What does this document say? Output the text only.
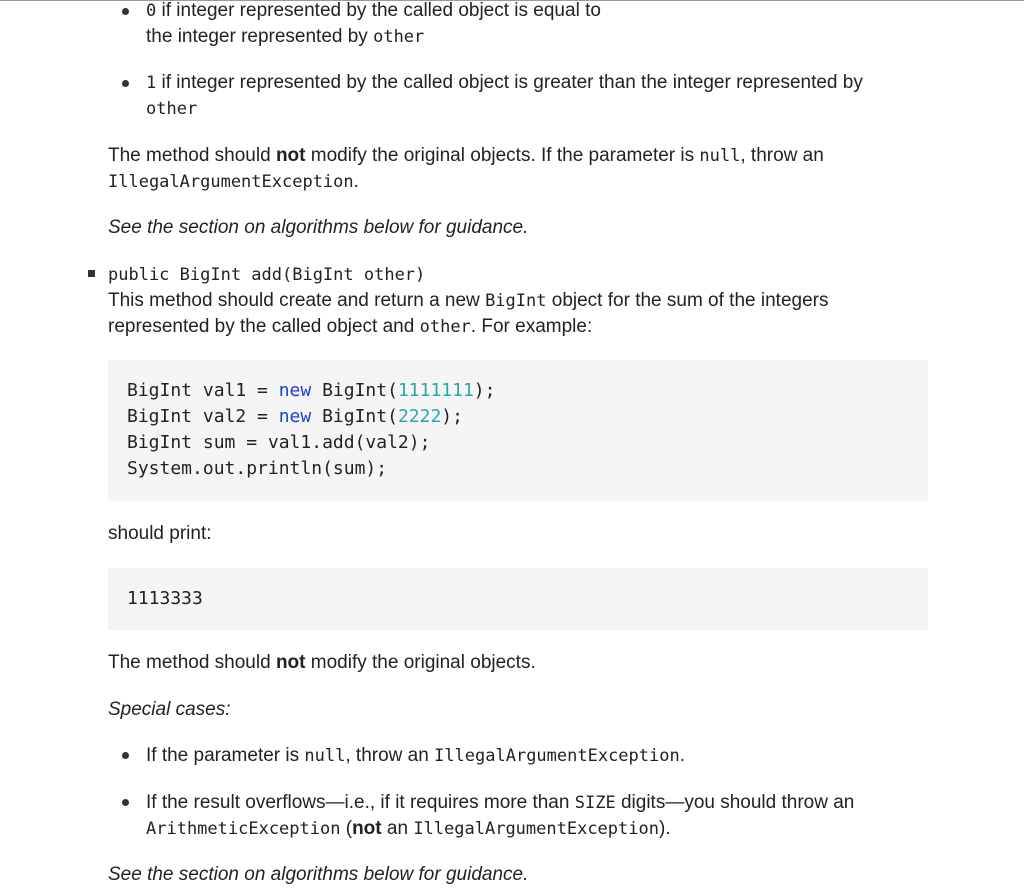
0 if integer represented by the called object is equal to
the integer represented by other
1 if integer represented by the called object is greater than the integer represented by
other
The method should not modify the original objects. If the parameter is null, throw an
IllegalArgumentException.
See the section on algorithms below for guidance.
public BigInt add(BigInt other)
This method should create and return a new BigInt object for the sum of the integers
represented by the called object and other. For example:
BigInt val1 = new BigInt(1111111);
BigInt val2 = new BigInt(2222);
BigInt sum = val1.add(val2);
System.out.println(sum);
should print:
1113333
The method should not modify the original objects.
Special cases:
If the parameter is null, throw an IllegalArgumentException.
If the result overflows—i.e., if it requires more than SIZE digits—you should throw an
ArithmeticException (not an IllegalArgumentException).
See the section on algorithms below for guidance.
